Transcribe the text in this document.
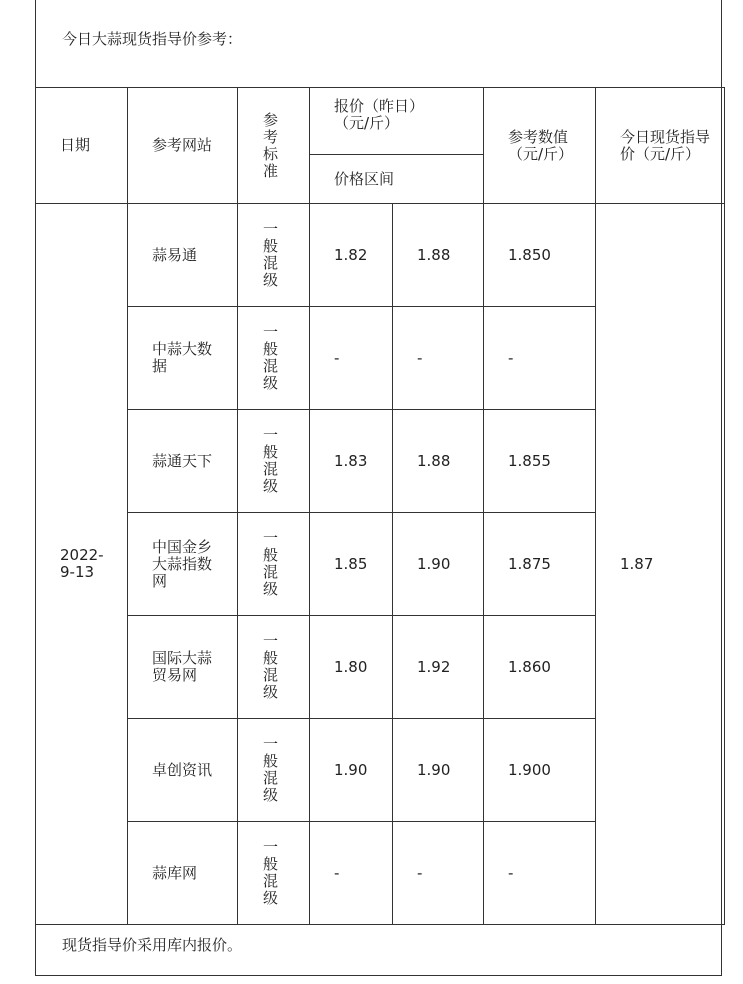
今日大蒜现货指导价参考：
日期	参考网站	参考标准	报价（昨日）（元/斤）		参考数值（元/斤）	今日现货指导价（元/斤）

			价格区间			

2022-9-13	蒜易通	一般混级	1.82	1.88	1.850	1.87

	中蒜大数据	一般混级	-	-	-	

	蒜通天下	一般混级	1.83	1.88	1.855	

	中国金乡大蒜指数网	一般混级	1.85	1.90	1.875	

	国际大蒜贸易网	一般混级	1.80	1.92	1.860	

	卓创资讯	一般混级	1.90	1.90	1.900	

	蒜库网	一般混级	-	-	-	
现货指导价采用库内报价。
